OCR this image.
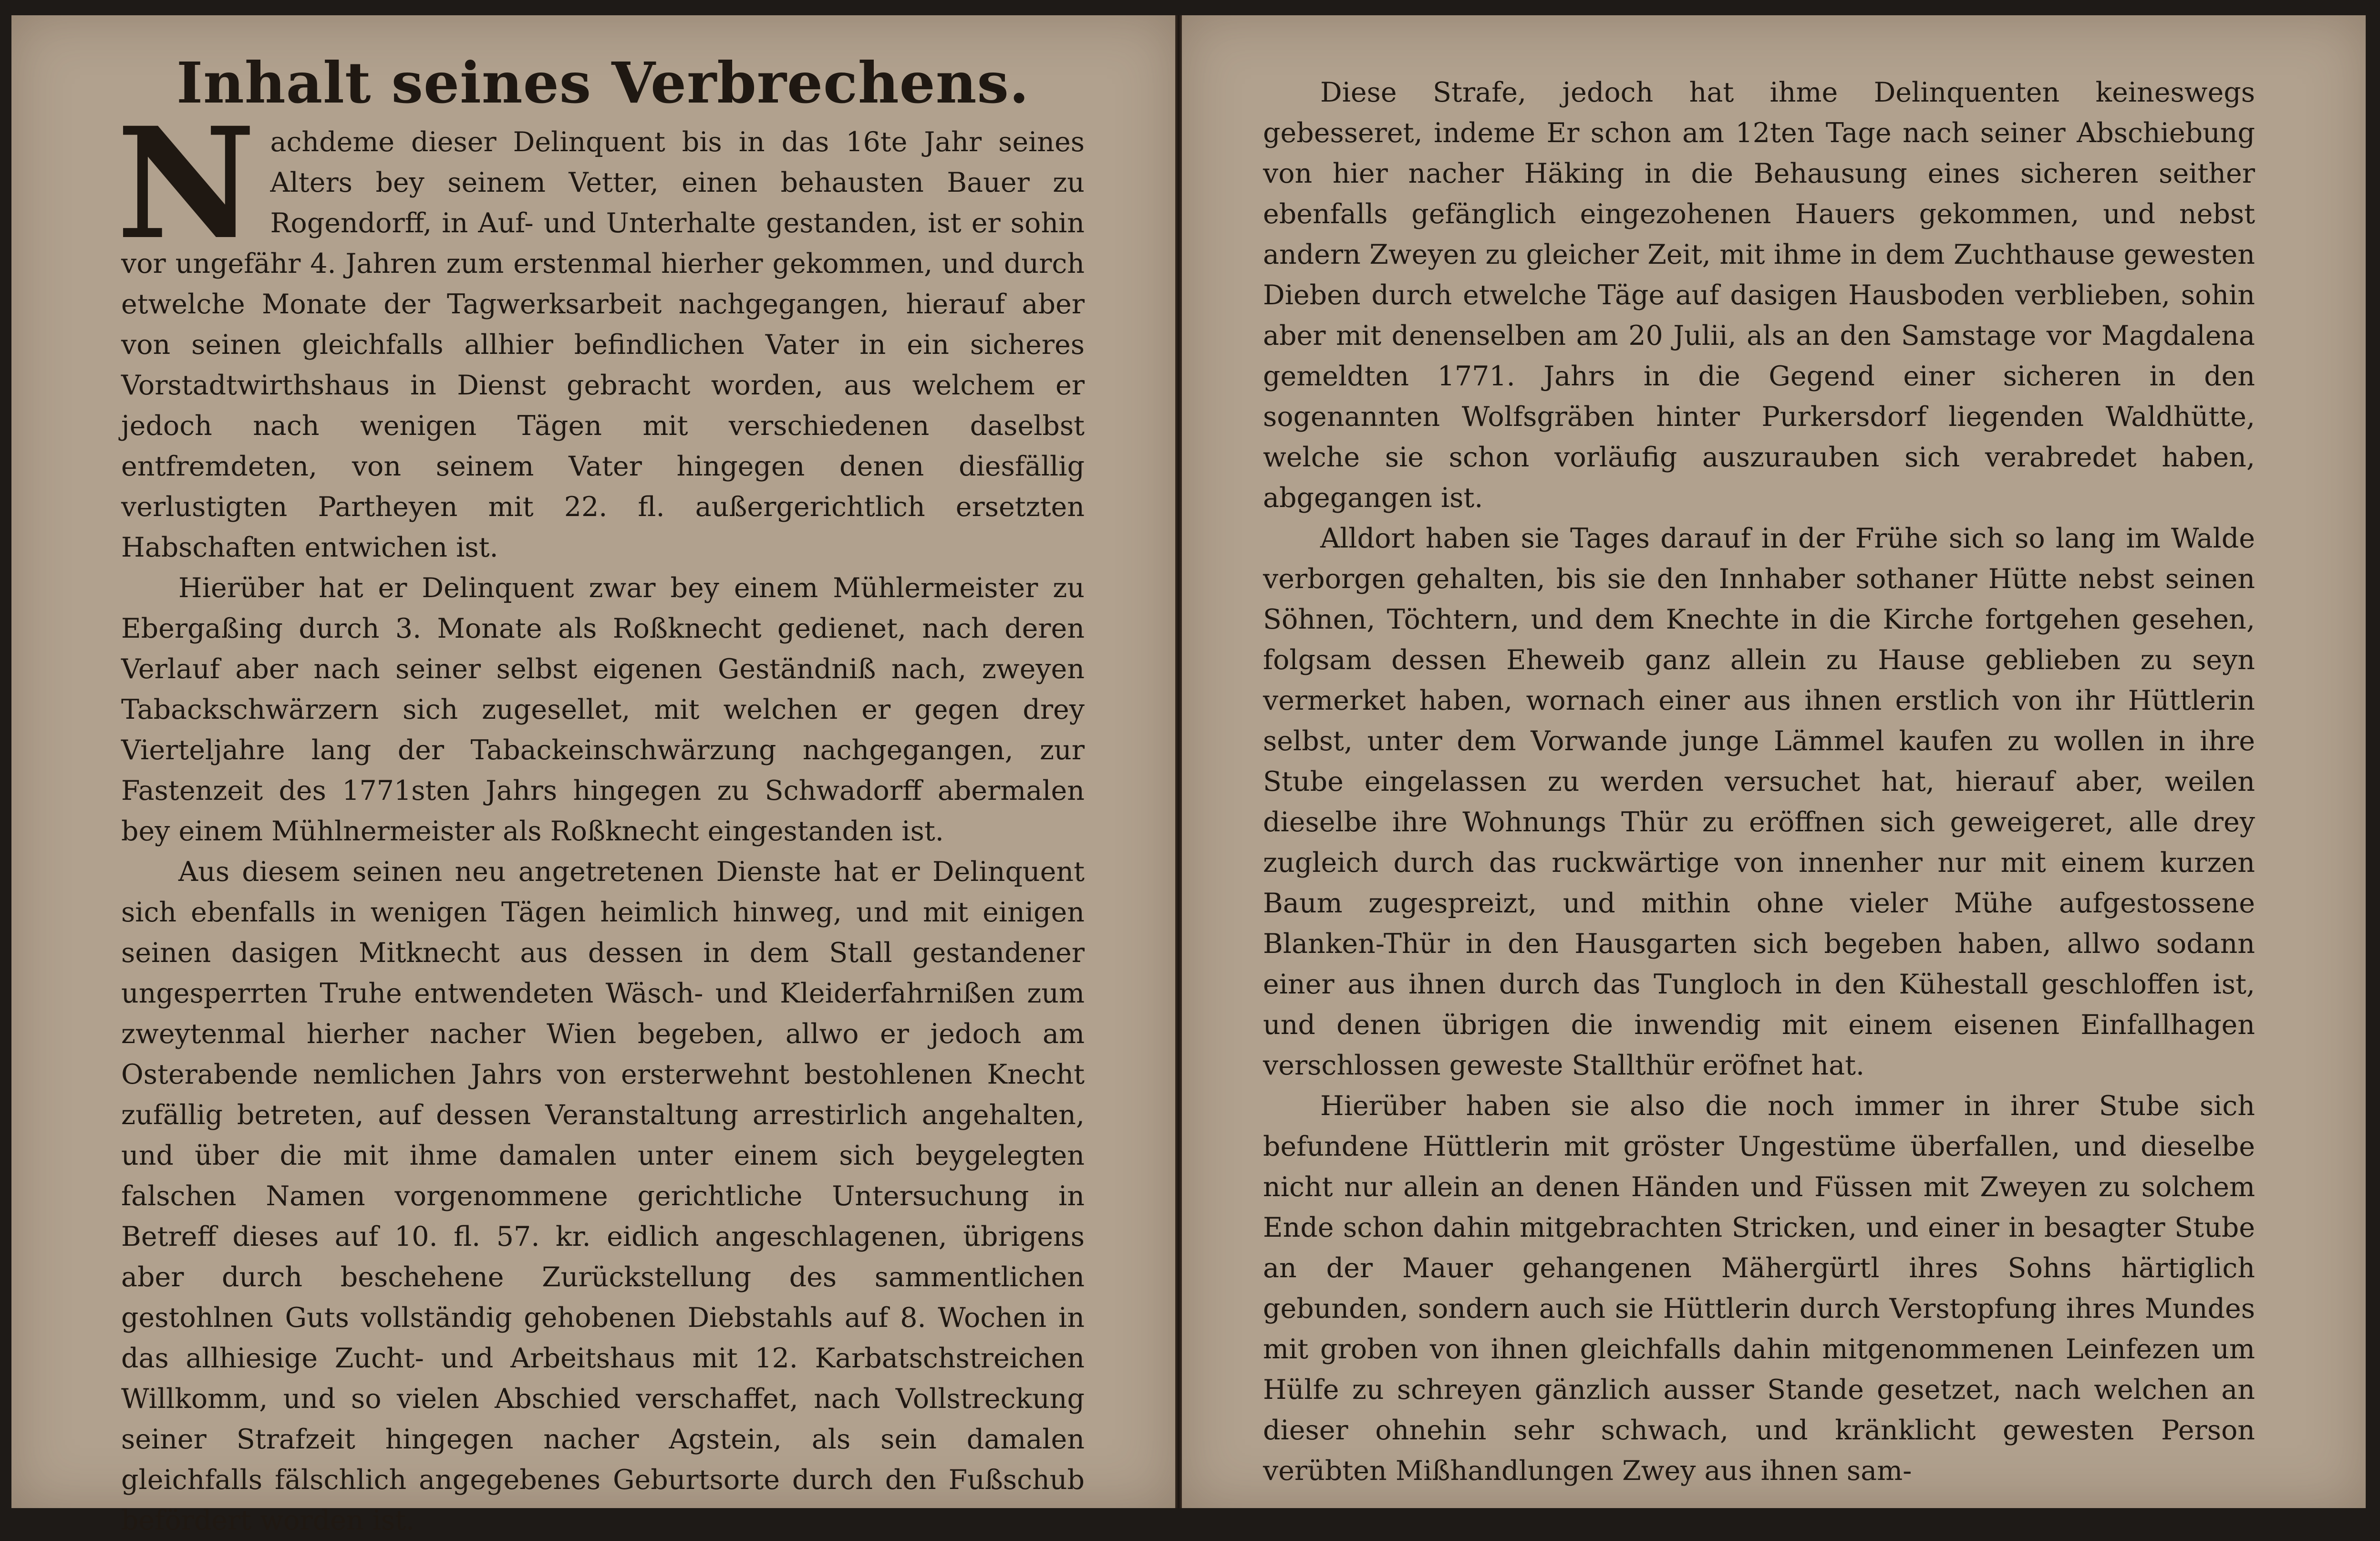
Inhalt seines Verbrechens.

Nachdeme dieser Delinquent bis in das 16te Jahr seines Alters bey seinem Vetter, einen behausten Bauer zu Rogendorff, in Auf- und Unterhalte gestanden, ist er sohin vor ungefähr 4. Jahren zum erstenmal hierher gekommen, und durch etwelche Monate der Tagwerksarbeit nachgegangen, hierauf aber von seinen gleichfalls allhier befindlichen Vater in ein sicheres Vorstadtwirthshaus in Dienst gebracht worden, aus welchem er jedoch nach wenigen Tägen mit verschiedenen daselbst entfremdeten, von seinem Vater hingegen denen diesfällig verlustigten Partheyen mit 22. fl. außergerichtlich ersetzten Habschaften entwichen ist.

Hierüber hat er Delinquent zwar bey einem Mühlermeister zu Ebergaßing durch 3. Monate als Roßknecht gedienet, nach deren Verlauf aber nach seiner selbst eigenen Geständniß nach, zweyen Tabackschwärzern sich zugesellet, mit welchen er gegen drey Vierteljahre lang der Tabackeinschwärzung nachgegangen, zur Fastenzeit des 1771sten Jahrs hingegen zu Schwadorff abermalen bey einem Mühlnermeister als Roßknecht eingestanden ist.

Aus diesem seinen neu angetretenen Dienste hat er Delinquent sich ebenfalls in wenigen Tägen heimlich hinweg, und mit einigen seinen dasigen Mitknecht aus dessen in dem Stall gestandener ungesperrten Truhe entwendeten Wäsch- und Kleiderfahrnißen zum zweytenmal hierher nacher Wien begeben, allwo er jedoch am Osterabende nemlichen Jahrs von ersterwehnt bestohlenen Knecht zufällig betreten, auf dessen Veranstaltung arrestirlich angehalten, und über die mit ihme damalen unter einem sich beygelegten falschen Namen vorgenommene gerichtliche Untersuchung in Betreff dieses auf 10. fl. 57. kr. eidlich angeschlagenen, übrigens aber durch beschehene Zurückstellung des sammentlichen gestohlnen Guts vollständig gehobenen Diebstahls auf 8. Wochen in das allhiesige Zucht- und Arbeitshaus mit 12. Karbatschstreichen Willkomm, und so vielen Abschied verschaffet, nach Vollstreckung seiner Strafzeit hingegen nacher Agstein, als sein damalen gleichfalls fälschlich angegebenes Geburtsorte durch den Fußschub befördert worden ist.

Diese Strafe, jedoch hat ihme Delinquenten keineswegs gebesseret, indeme Er schon am 12ten Tage nach seiner Abschiebung von hier nacher Häking in die Behausung eines sicheren seither ebenfalls gefänglich eingezohenen Hauers gekommen, und nebst andern Zweyen zu gleicher Zeit, mit ihme in dem Zuchthause gewesten Dieben durch etwelche Täge auf dasigen Hausboden verblieben, sohin aber mit denenselben am 20 Julii, als an den Samstage vor Magdalena gemeldten 1771. Jahrs in die Gegend einer sicheren in den sogenannten Wolfsgräben hinter Purkersdorf liegenden Waldhütte, welche sie schon vorläufig auszurauben sich verabredet haben, abgegangen ist.

Alldort haben sie Tages darauf in der Frühe sich so lang im Walde verborgen gehalten, bis sie den Innhaber sothaner Hütte nebst seinen Söhnen, Töchtern, und dem Knechte in die Kirche fortgehen gesehen, folgsam dessen Eheweib ganz allein zu Hause geblieben zu seyn vermerket haben, wornach einer aus ihnen erstlich von ihr Hüttlerin selbst, unter dem Vorwande junge Lämmel kaufen zu wollen in ihre Stube eingelassen zu werden versuchet hat, hierauf aber, weilen dieselbe ihre Wohnungs Thür zu eröffnen sich geweigeret, alle drey zugleich durch das ruckwärtige von innenher nur mit einem kurzen Baum zugespreizt, und mithin ohne vieler Mühe aufgestossene Blanken-Thür in den Hausgarten sich begeben haben, allwo sodann einer aus ihnen durch das Tungloch in den Kühestall geschloffen ist, und denen übrigen die inwendig mit einem eisenen Einfallhagen verschlossen geweste Stallthür eröfnet hat.

Hierüber haben sie also die noch immer in ihrer Stube sich befundene Hüttlerin mit gröster Ungestüme überfallen, und dieselbe nicht nur allein an denen Händen und Füssen mit Zweyen zu solchem Ende schon dahin mitgebrachten Stricken, und einer in besagter Stube an der Mauer gehangenen Mähergürtl ihres Sohns härtiglich gebunden, sondern auch sie Hüttlerin durch Verstopfung ihres Mundes mit groben von ihnen gleichfalls dahin mitgenommenen Leinfezen um Hülfe zu schreyen gänzlich ausser Stande gesetzet, nach welchen an dieser ohnehin sehr schwach, und kränklicht gewesten Person verübten Mißhandlungen Zwey aus ihnen sam-
